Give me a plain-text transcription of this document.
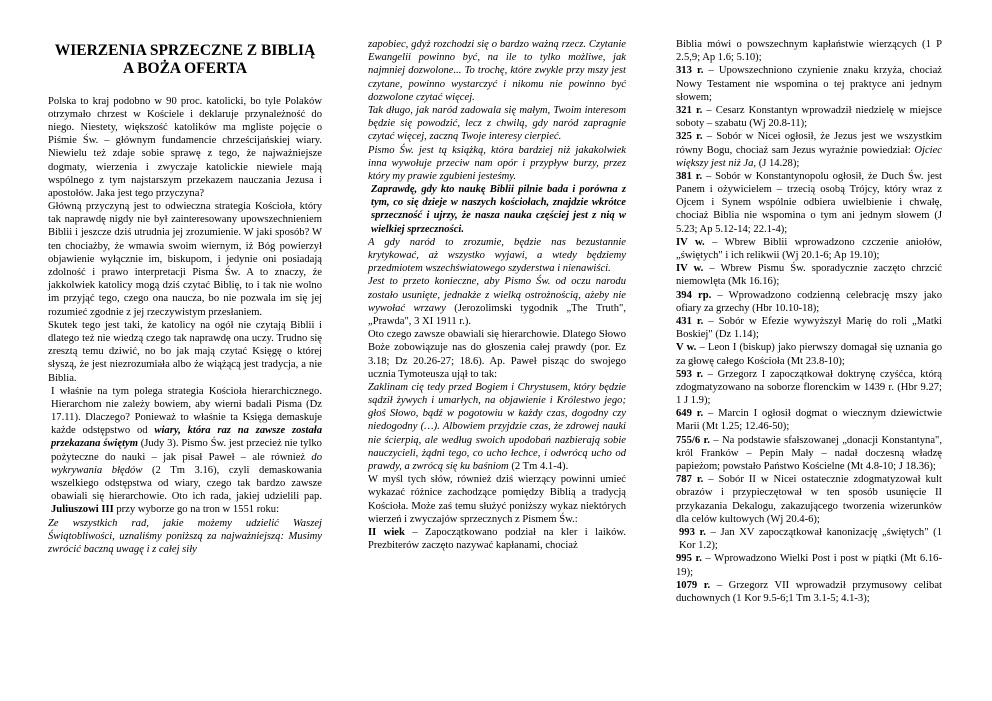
WIERZENIA SPRZECZNE Z BIBLIĄ A BOŻA OFERTA

Polska to kraj podobno w 90 proc. katolicki, bo tyle Polaków otrzymało chrzest w Kościele i deklaruje przynależność do niego. Niestety, większość katolików ma mgliste pojęcie o Piśmie Św. – głównym fundamencie chrześcijańskiej wiary. Niewielu też zdaje sobie sprawę z tego, że najważniejsze dogmaty, wierzenia i zwyczaje katolickie niewiele mają wspólnego z tym najstarszym przekazem nauczania Jezusa i apostołów. Jaka jest tego przyczyna?

Główną przyczyną jest to odwieczna strategia Kościoła, który tak naprawdę nigdy nie był zainteresowany upowszechnieniem Biblii i jeszcze dziś utrudnia jej zrozumienie. W jaki sposób? W ten chociażby, że wmawia swoim wiernym, iż Bóg powierzył objawienie wyłącznie im, biskupom, i jedynie oni posiadają zdolność i prawo interpretacji Pisma Św. A to znaczy, że jakkolwiek katolicy mogą dziś czytać Biblię, to i tak nie wolno im przyjąć tego, czego ona naucza, bo nie pozwala im się jej rozumieć zgodnie z jej rzeczywistym przesłaniem.

Skutek tego jest taki, że katolicy na ogół nie czytają Biblii i dlatego też nie wiedzą czego tak naprawdę ona uczy. Trudno się zresztą temu dziwić, no bo jak mają czytać Księgę o której słyszą, że jest niezrozumiała albo że wiążącą jest tradycja, a nie Biblia.

I właśnie na tym polega strategia Kościoła hierarchicznego. Hierarchom nie zależy bowiem, aby wierni badali Pisma (Dz 17.11). Dlaczego? Ponieważ to właśnie ta Księga demaskuje każde odstępstwo od wiary, która raz na zawsze została przekazana świętym (Judy 3). Pismo Św. jest przecież nie tylko pożyteczne do nauki – jak pisał Paweł – ale również do wykrywania błędów (2 Tm 3.16), czyli demaskowania wszelkiego odstępstwa od wiary, czego tak bardzo zawsze obawiali się hierarchowie. Oto ich rada, jakiej udzielili pap. Juliuszowi III przy wyborze go na tron w 1551 roku:

Ze wszystkich rad, jakie możemy udzielić Waszej Świątobliwości, uznaliśmy poniższą za najważniejszą: Musimy zwrócić baczną uwagę i z całej siły

zapobiec, gdyż rozchodzi się o bardzo ważną rzecz. Czytanie Ewangelii powinno być, na ile to tylko możliwe, jak najmniej dozwolone... To trochę, które zwykle przy mszy jest czytane, powinno wystarczyć i nikomu nie powinno być dozwolone czytać więcej.

Tak długo, jak naród zadowala się małym, Twoim interesom będzie się powodzić, lecz z chwilą, gdy naród zapragnie czytać więcej, zaczną Twoje interesy cierpieć.

Pismo Św. jest tą książką, która bardziej niż jakakolwiek inna wywołuje przeciw nam opór i przypływ burzy, przez który my prawie zgubieni jesteśmy.

Zaprawdę, gdy kto naukę Biblii pilnie bada i porówna z tym, co się dzieje w naszych kościołach, znajdzie wkrótce sprzeczność i ujrzy, że nasza nauka częściej jest z nią w wielkiej sprzeczności.

A gdy naród to zrozumie, będzie nas bezustannie krytykować, aż wszystko wyjawi, a wtedy będziemy przedmiotem wszechświatowego szyderstwa i nienawiści.

Jest to przeto konieczne, aby Pismo Św. od oczu narodu zostało usunięte, jednakże z wielką ostrożnością, ażeby nie wywołać wrzawy (Jerozolimski tygodnik „The Truth", „Prawda", 3 XI 1911 r.).

Oto czego zawsze obawiali się hierarchowie. Dlatego Słowo Boże zobowiązuje nas do głoszenia całej prawdy (por. Ez 3.18; Dz 20.26-27; 18.6). Ap. Paweł pisząc do swojego ucznia Tymoteusza ujął to tak:

Zaklinam cię tedy przed Bogiem i Chrystusem, który będzie sądził żywych i umarłych, na objawienie i Królestwo jego; głoś Słowo, bądź w pogotowiu w każdy czas, dogodny czy niedogodny (…). Albowiem przyjdzie czas, że zdrowej nauki nie ścierpią, ale według swoich upodobań nazbierają sobie nauczycieli, żądni tego, co ucho łechce, i odwrócą ucho od prawdy, a zwrócą się ku baśniom (2 Tm 4.1-4).

W myśl tych słów, również dziś wierzący powinni umieć wykazać różnice zachodzące pomiędzy Biblią a tradycją Kościoła. Może zaś temu służyć poniższy wykaz niektórych wierzeń i zwyczajów sprzecznych z Pismem Św.:

II wiek – Zapoczątkowano podział na kler i laików. Prezbiterów zaczęto nazywać kapłanami, chociaż

Biblia mówi o powszechnym kapłaństwie wierzących (1 P 2.5,9; Ap 1.6; 5.10);

313 r. – Upowszechniono czynienie znaku krzyża, chociaż Nowy Testament nie wspomina o tej praktyce ani jednym słowem;

321 r. – Cesarz Konstantyn wprowadził niedzielę w miejsce soboty – szabatu (Wj 20.8-11);

325 r. – Sobór w Nicei ogłosił, że Jezus jest we wszystkim równy Bogu, chociaż sam Jezus wyraźnie powiedział: Ojciec większy jest niż Ja, (J 14.28);

381 r. – Sobór w Konstantynopolu ogłosił, że Duch Św. jest Panem i ożywicielem – trzecią osobą Trójcy, który wraz z Ojcem i Synem wspólnie odbiera uwielbienie i chwałę, chociaż Biblia nie wspomina o tym ani jednym słowem (J 5.23; Ap 5.12-14; 22.1-4);

IV w. – Wbrew Biblii wprowadzono czczenie aniołów, „świętych" i ich relikwii (Wj 20.1-6; Ap 19.10);

IV w. – Wbrew Pismu Św. sporadycznie zaczęto chrzcić niemowlęta (Mk 16.16);

394 rp. – Wprowadzono codzienną celebrację mszy jako ofiary za grzechy (Hbr 10.10-18);

431 r. – Sobór w Efezie wywyższył Marię do roli „Matki Boskiej" (Dz 1.14);

V w. – Leon I (biskup) jako pierwszy domagał się uznania go za głowę całego Kościoła (Mt 23.8-10);

593 r. – Grzegorz I zapoczątkował doktrynę czyśćca, którą zdogmatyzowano na soborze florenckim w 1439 r. (Hbr 9.27; 1 J 1.9);

649 r. – Marcin I ogłosił dogmat o wiecznym dziewictwie Marii (Mt 1.25; 12.46-50);

755/6 r. – Na podstawie sfałszowanej „donacji Konstantyna", król Franków – Pepin Mały – nadał doczesną władzę papieżom; powstało Państwo Kościelne (Mt 4.8-10; J 18.36);

787 r. – Sobór II w Nicei ostatecznie zdogmatyzował kult obrazów i przypieczętował w ten sposób usunięcie II przykazania Dekalogu, zakazującego tworzenia wizerunków dla celów kultowych (Wj 20.4-6);

993 r. – Jan XV zapoczątkował kanonizację „świętych" (1 Kor 1.2);

995 r. – Wprowadzono Wielki Post i post w piątki (Mt 6.16-19);

1079 r. – Grzegorz VII wprowadził przymusowy celibat duchownych (1 Kor 9.5-6;1 Tm 3.1-5; 4.1-3);
